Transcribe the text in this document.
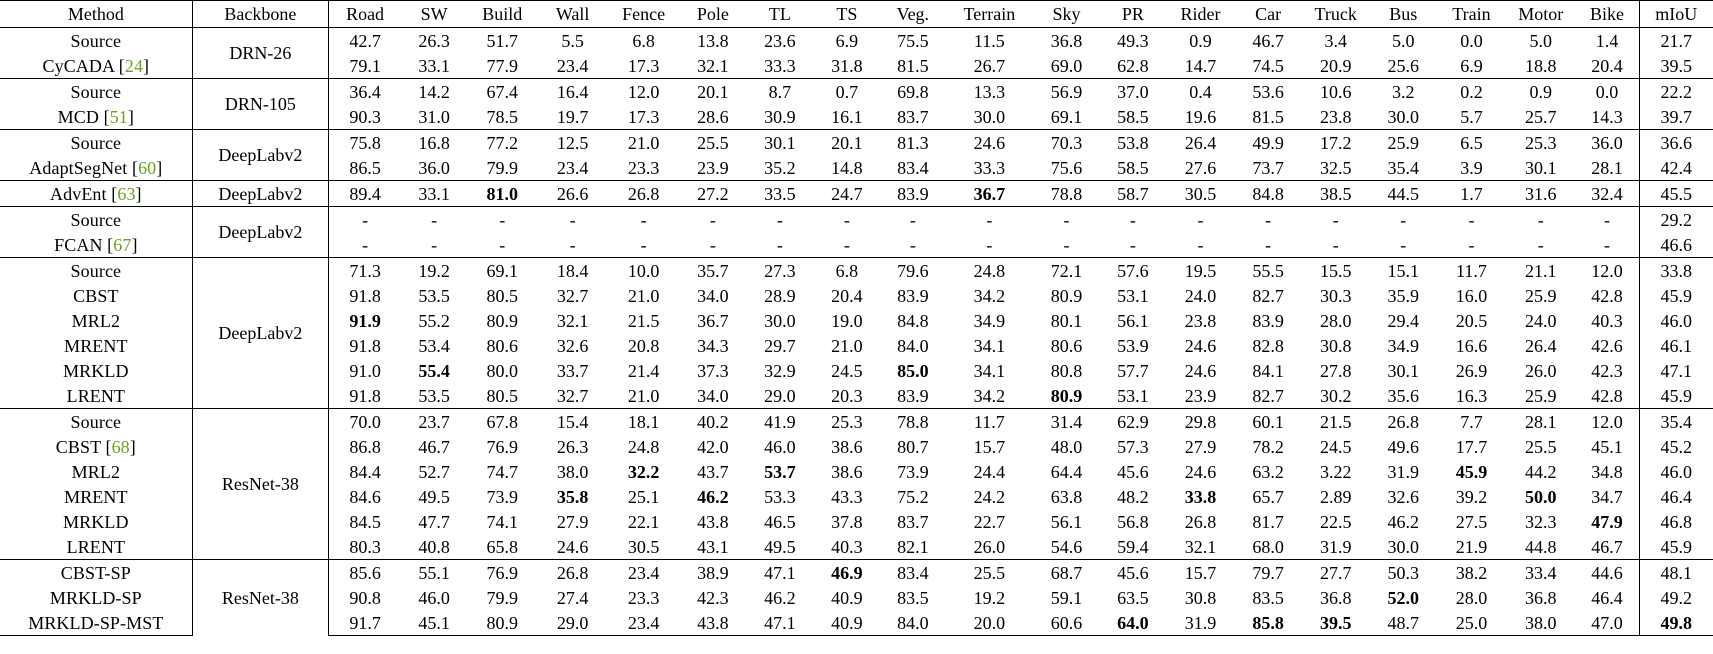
Method	Backbone	Road	SW	Build	Wall	Fence	Pole	TL	TS	Veg.	Terrain	Sky	PR	Rider	Car	Truck	Bus	Train	Motor	Bike	mIoU
Source	DRN-26	42.7	26.3	51.7	5.5	6.8	13.8	23.6	6.9	75.5	11.5	36.8	49.3	0.9	46.7	3.4	5.0	0.0	5.0	1.4	21.7
CyCADA [24]		79.1	33.1	77.9	23.4	17.3	32.1	33.3	31.8	81.5	26.7	69.0	62.8	14.7	74.5	20.9	25.6	6.9	18.8	20.4	39.5
Source	DRN-105	36.4	14.2	67.4	16.4	12.0	20.1	8.7	0.7	69.8	13.3	56.9	37.0	0.4	53.6	10.6	3.2	0.2	0.9	0.0	22.2
MCD [51]		90.3	31.0	78.5	19.7	17.3	28.6	30.9	16.1	83.7	30.0	69.1	58.5	19.6	81.5	23.8	30.0	5.7	25.7	14.3	39.7
Source	DeepLabv2	75.8	16.8	77.2	12.5	21.0	25.5	30.1	20.1	81.3	24.6	70.3	53.8	26.4	49.9	17.2	25.9	6.5	25.3	36.0	36.6
AdaptSegNet [60]		86.5	36.0	79.9	23.4	23.3	23.9	35.2	14.8	83.4	33.3	75.6	58.5	27.6	73.7	32.5	35.4	3.9	30.1	28.1	42.4
AdvEnt [63]	DeepLabv2	89.4	33.1	81.0	26.6	26.8	27.2	33.5	24.7	83.9	36.7	78.8	58.7	30.5	84.8	38.5	44.5	1.7	31.6	32.4	45.5
Source	DeepLabv2	-	-	-	-	-	-	-	-	-	-	-	-	-	-	-	-	-	-	-	29.2
FCAN [67]		-	-	-	-	-	-	-	-	-	-	-	-	-	-	-	-	-	-	-	46.6
Source	DeepLabv2	71.3	19.2	69.1	18.4	10.0	35.7	27.3	6.8	79.6	24.8	72.1	57.6	19.5	55.5	15.5	15.1	11.7	21.1	12.0	33.8
CBST		91.8	53.5	80.5	32.7	21.0	34.0	28.9	20.4	83.9	34.2	80.9	53.1	24.0	82.7	30.3	35.9	16.0	25.9	42.8	45.9
MRL2		91.9	55.2	80.9	32.1	21.5	36.7	30.0	19.0	84.8	34.9	80.1	56.1	23.8	83.9	28.0	29.4	20.5	24.0	40.3	46.0
MRENT		91.8	53.4	80.6	32.6	20.8	34.3	29.7	21.0	84.0	34.1	80.6	53.9	24.6	82.8	30.8	34.9	16.6	26.4	42.6	46.1
MRKLD		91.0	55.4	80.0	33.7	21.4	37.3	32.9	24.5	85.0	34.1	80.8	57.7	24.6	84.1	27.8	30.1	26.9	26.0	42.3	47.1
LRENT		91.8	53.5	80.5	32.7	21.0	34.0	29.0	20.3	83.9	34.2	80.9	53.1	23.9	82.7	30.2	35.6	16.3	25.9	42.8	45.9
Source	ResNet-38	70.0	23.7	67.8	15.4	18.1	40.2	41.9	25.3	78.8	11.7	31.4	62.9	29.8	60.1	21.5	26.8	7.7	28.1	12.0	35.4
CBST [68]		86.8	46.7	76.9	26.3	24.8	42.0	46.0	38.6	80.7	15.7	48.0	57.3	27.9	78.2	24.5	49.6	17.7	25.5	45.1	45.2
MRL2		84.4	52.7	74.7	38.0	32.2	43.7	53.7	38.6	73.9	24.4	64.4	45.6	24.6	63.2	3.22	31.9	45.9	44.2	34.8	46.0
MRENT		84.6	49.5	73.9	35.8	25.1	46.2	53.3	43.3	75.2	24.2	63.8	48.2	33.8	65.7	2.89	32.6	39.2	50.0	34.7	46.4
MRKLD		84.5	47.7	74.1	27.9	22.1	43.8	46.5	37.8	83.7	22.7	56.1	56.8	26.8	81.7	22.5	46.2	27.5	32.3	47.9	46.8
LRENT		80.3	40.8	65.8	24.6	30.5	43.1	49.5	40.3	82.1	26.0	54.6	59.4	32.1	68.0	31.9	30.0	21.9	44.8	46.7	45.9
CBST-SP	ResNet-38	85.6	55.1	76.9	26.8	23.4	38.9	47.1	46.9	83.4	25.5	68.7	45.6	15.7	79.7	27.7	50.3	38.2	33.4	44.6	48.1
MRKLD-SP		90.8	46.0	79.9	27.4	23.3	42.3	46.2	40.9	83.5	19.2	59.1	63.5	30.8	83.5	36.8	52.0	28.0	36.8	46.4	49.2
MRKLD-SP-MST		91.7	45.1	80.9	29.0	23.4	43.8	47.1	40.9	84.0	20.0	60.6	64.0	31.9	85.8	39.5	48.7	25.0	38.0	47.0	49.8
